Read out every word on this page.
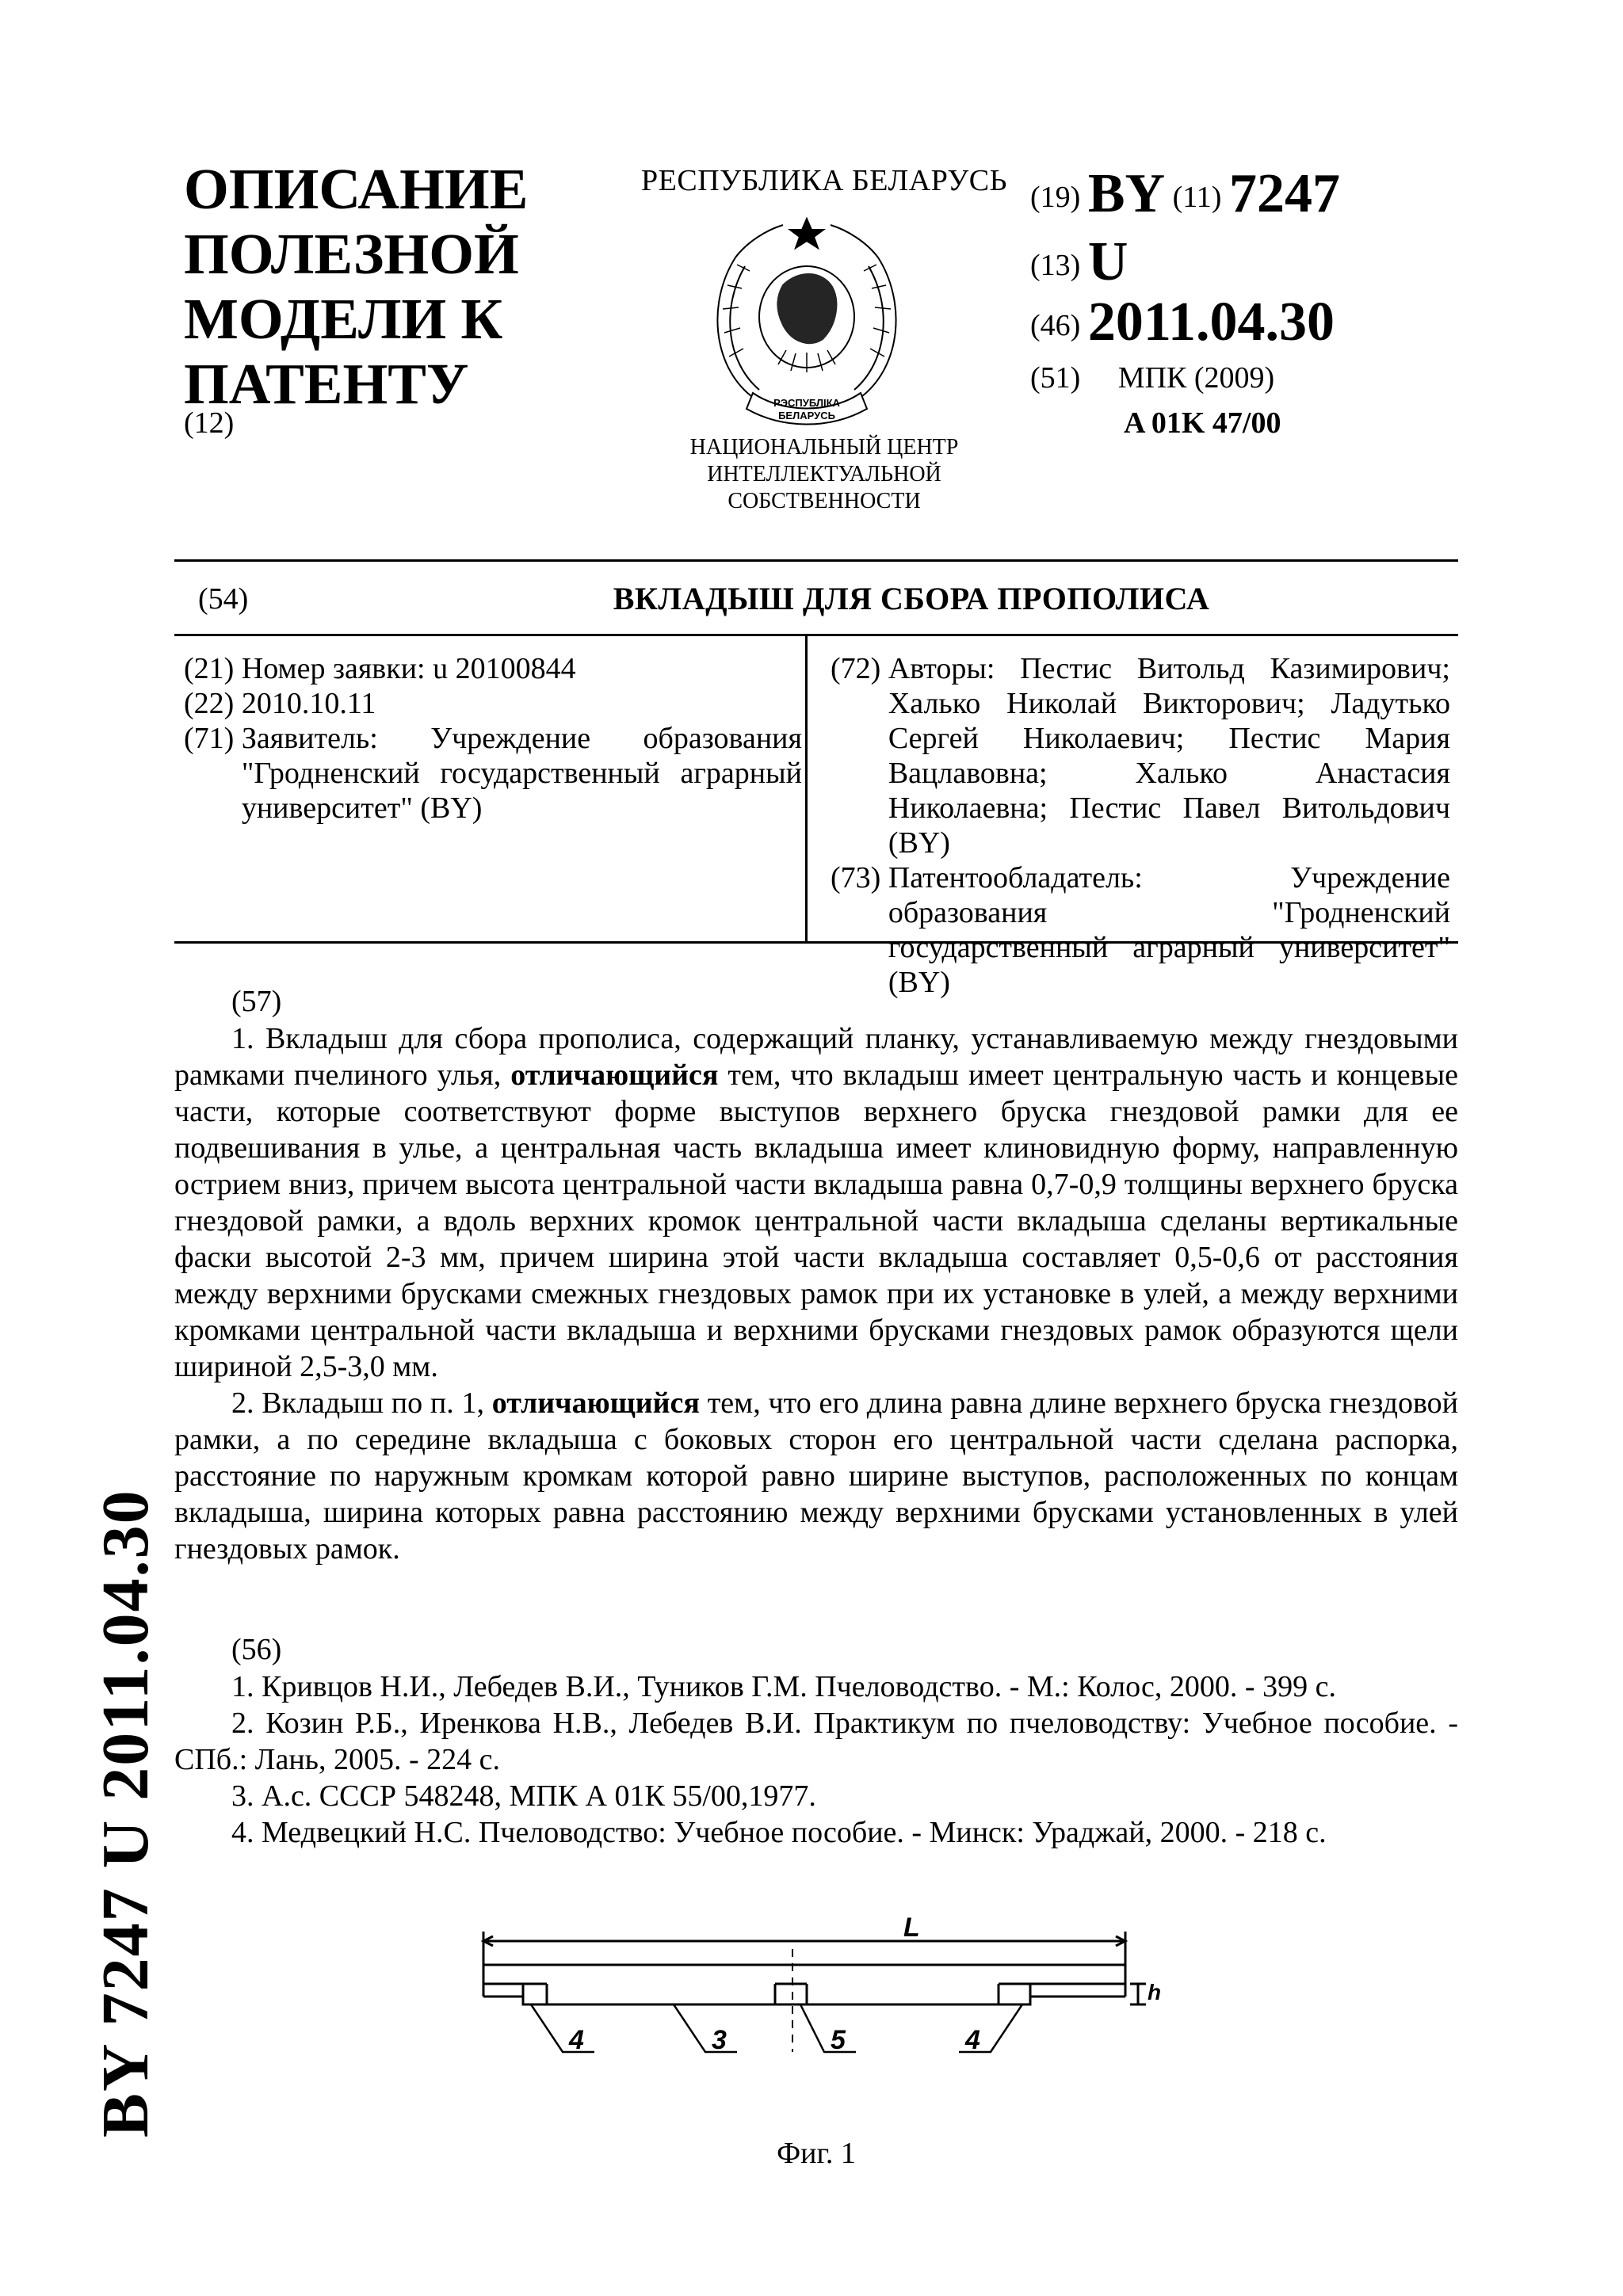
ОПИСАНИЕ
ПОЛЕЗНОЙ
МОДЕЛИ К
ПАТЕНТУ
(12)
РЕСПУБЛИКА БЕЛАРУСЬ
РЭСПУБЛІКА
БЕЛАРУСЬ
НАЦИОНАЛЬНЫЙ ЦЕНТР
ИНТЕЛЛЕКТУАЛЬНОЙ
СОБСТВЕННОСТИ
(19) BY (11) 7247
(13) U
(46) 2011.04.30
(51) МПК (2009)
A 01K 47/00
(54)	ВКЛАДЫШ ДЛЯ СБОРА ПРОПОЛИСА
(21) Номер заявки: u 20100844
(22) 2010.10.11
(71) Заявитель: Учреждение образования "Гродненский государственный аграрный университет" (BY)
(72) Авторы: Пестис Витольд Казимирович; Халько Николай Викторович; Ладутько Сергей Николаевич; Пестис Мария Вацлавовна; Халько Анастасия Николаевна; Пестис Павел Витольдович (BY)
(73) Патентообладатель: Учреждение образования "Гродненский государственный аграрный университет" (BY)
(57)

1. Вкладыш для сбора прополиса, содержащий планку, устанавливаемую между гнездовыми рамками пчелиного улья, отличающийся тем, что вкладыш имеет центральную часть и концевые части, которые соответствуют форме выступов верхнего бруска гнездовой рамки для ее подвешивания в улье, а центральная часть вкладыша имеет клиновидную форму, направленную острием вниз, причем высота центральной части вкладыша равна 0,7-0,9 толщины верхнего бруска гнездовой рамки, а вдоль верхних кромок центральной части вкладыша сделаны вертикальные фаски высотой 2-3 мм, причем ширина этой части вкладыша составляет 0,5-0,6 от расстояния между верхними брусками смежных гнездовых рамок при их установке в улей, а между верхними кромками центральной части вкладыша и верхними брусками гнездовых рамок образуются щели шириной 2,5-3,0 мм.

2. Вкладыш по п. 1, отличающийся тем, что его длина равна длине верхнего бруска гнездовой рамки, а по середине вкладыша с боковых сторон его центральной части сделана распорка, расстояние по наружным кромкам которой равно ширине выступов, расположенных по концам вкладыша, ширина которых равна расстоянию между верхними брусками установленных в улей гнездовых рамок.

(56)

1. Кривцов Н.И., Лебедев В.И., Туников Г.М. Пчеловодство. - М.: Колос, 2000. - 399 с.

2. Козин Р.Б., Иренкова Н.В., Лебедев В.И. Практикум по пчеловодству: Учебное пособие. - СПб.: Лань, 2005. - 224 с.

3. А.с. СССР 548248, МПК А 01К 55/00,1977.

4. Медвецкий Н.С. Пчеловодство: Учебное пособие. - Минск: Ураджай, 2000. - 218 с.

BY 7247 U 2011.04.30	L
h
4	3	5	4
Фиг. 1
